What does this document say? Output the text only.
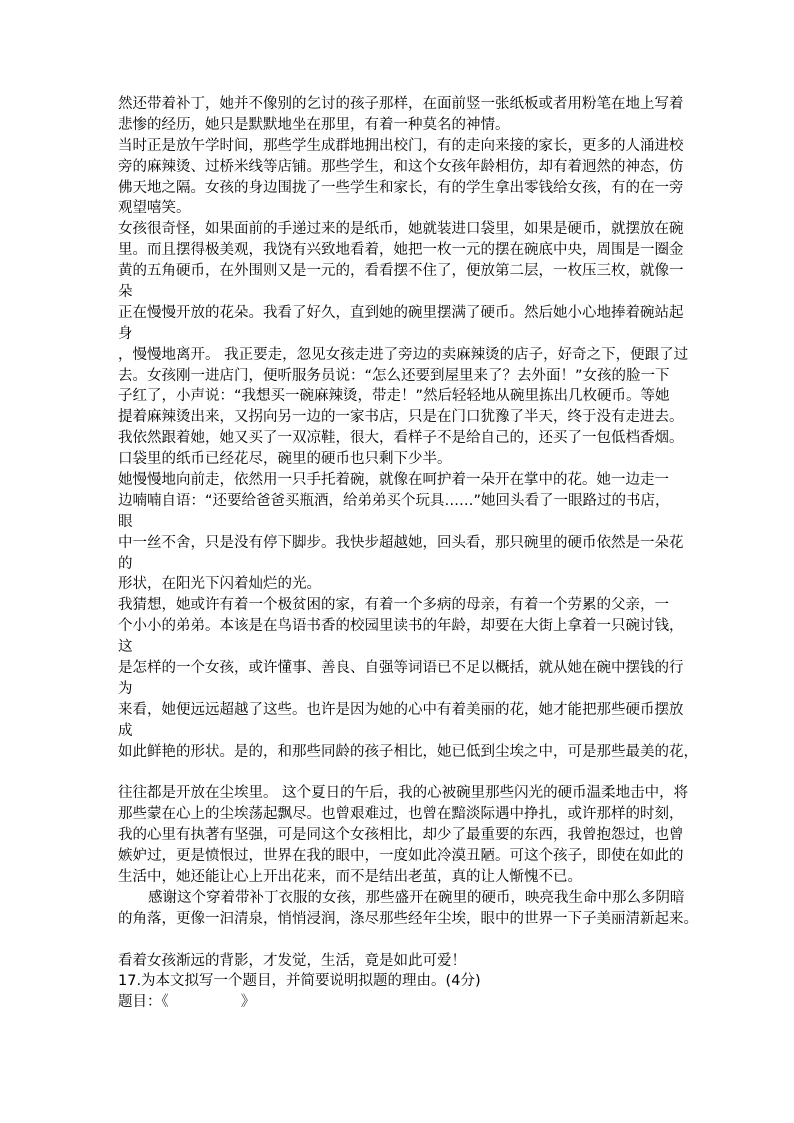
然还带着补丁，她并不像别的乞讨的孩子那样，在面前竖一张纸板或者用粉笔在地上写着
悲惨的经历，她只是默默地坐在那里，有着一种莫名的神情。
当时正是放午学时间，那些学生成群地拥出校门，有的走向来接的家长，更多的人涌进校
旁的麻辣烫、过桥米线等店铺。那些学生，和这个女孩年龄相仿，却有着迥然的神态，仿
佛天地之隔。女孩的身边围拢了一些学生和家长，有的学生拿出零钱给女孩，有的在一旁
观望嘻笑。
女孩很奇怪，如果面前的手递过来的是纸币，她就装进口袋里，如果是硬币，就摆放在碗
里。而且摆得极美观，我饶有兴致地看着，她把一枚一元的摆在碗底中央，周围是一圈金
黄的五角硬币，在外围则又是一元的，看看摆不住了，便放第二层，一枚压三枚，就像一
朵
正在慢慢开放的花朵。我看了好久，直到她的碗里摆满了硬币。然后她小心地捧着碗站起
身
，慢慢地离开。 我正要走，忽见女孩走进了旁边的卖麻辣烫的店子，好奇之下，便跟了过
去。女孩刚一进店门，便听服务员说：“怎么还要到屋里来了？去外面！”女孩的脸一下
子红了，小声说：“我想买一碗麻辣烫，带走！”然后轻轻地从碗里拣出几枚硬币。等她
提着麻辣烫出来，又拐向另一边的一家书店，只是在门口犹豫了半天，终于没有走进去。
我依然跟着她，她又买了一双凉鞋，很大，看样子不是给自己的，还买了一包低档香烟。
口袋里的纸币已经花尽，碗里的硬币也只剩下少半。
她慢慢地向前走，依然用一只手托着碗，就像在呵护着一朵开在掌中的花。她一边走一
边喃喃自语：“还要给爸爸买瓶酒，给弟弟买个玩具……”她回头看了一眼路过的书店，
眼
中一丝不舍，只是没有停下脚步。我快步超越她，回头看，那只碗里的硬币依然是一朵花
的
形状，在阳光下闪着灿烂的光。
我猜想，她或许有着一个极贫困的家，有着一个多病的母亲，有着一个劳累的父亲，一
个小小的弟弟。本该是在鸟语书香的校园里读书的年龄，却要在大街上拿着一只碗讨钱，
这
是怎样的一个女孩，或许懂事、善良、自强等词语已不足以概括，就从她在碗中摆钱的行
为
来看，她便远远超越了这些。也许是因为她的心中有着美丽的花，她才能把那些硬币摆放
成
如此鲜艳的形状。是的，和那些同龄的孩子相比，她已低到尘埃之中，可是那些最美的花，
往往都是开放在尘埃里。 这个夏日的午后，我的心被碗里那些闪光的硬币温柔地击中，将
那些蒙在心上的尘埃荡起飘尽。也曾艰难过，也曾在黯淡际遇中挣扎，或许那样的时刻，
我的心里有执著有坚强，可是同这个女孩相比，却少了最重要的东西，我曾抱怨过，也曾
嫉妒过，更是愤恨过，世界在我的眼中，一度如此冷漠丑陋。可这个孩子，即使在如此的
生活中，她还能让心上开出花来，而不是结出老茧，真的让人惭愧不已。
感谢这个穿着带补丁衣服的女孩，那些盛开在碗里的硬币，映亮我生命中那么多阴暗
的角落，更像一汩清泉，悄悄浸润，涤尽那些经年尘埃，眼中的世界一下子美丽清新起来。
看着女孩渐远的背影，才发觉，生活，竟是如此可爱！
17.为本文拟写一个题目，并简要说明拟题的理由。(4分)
题目：《	》
